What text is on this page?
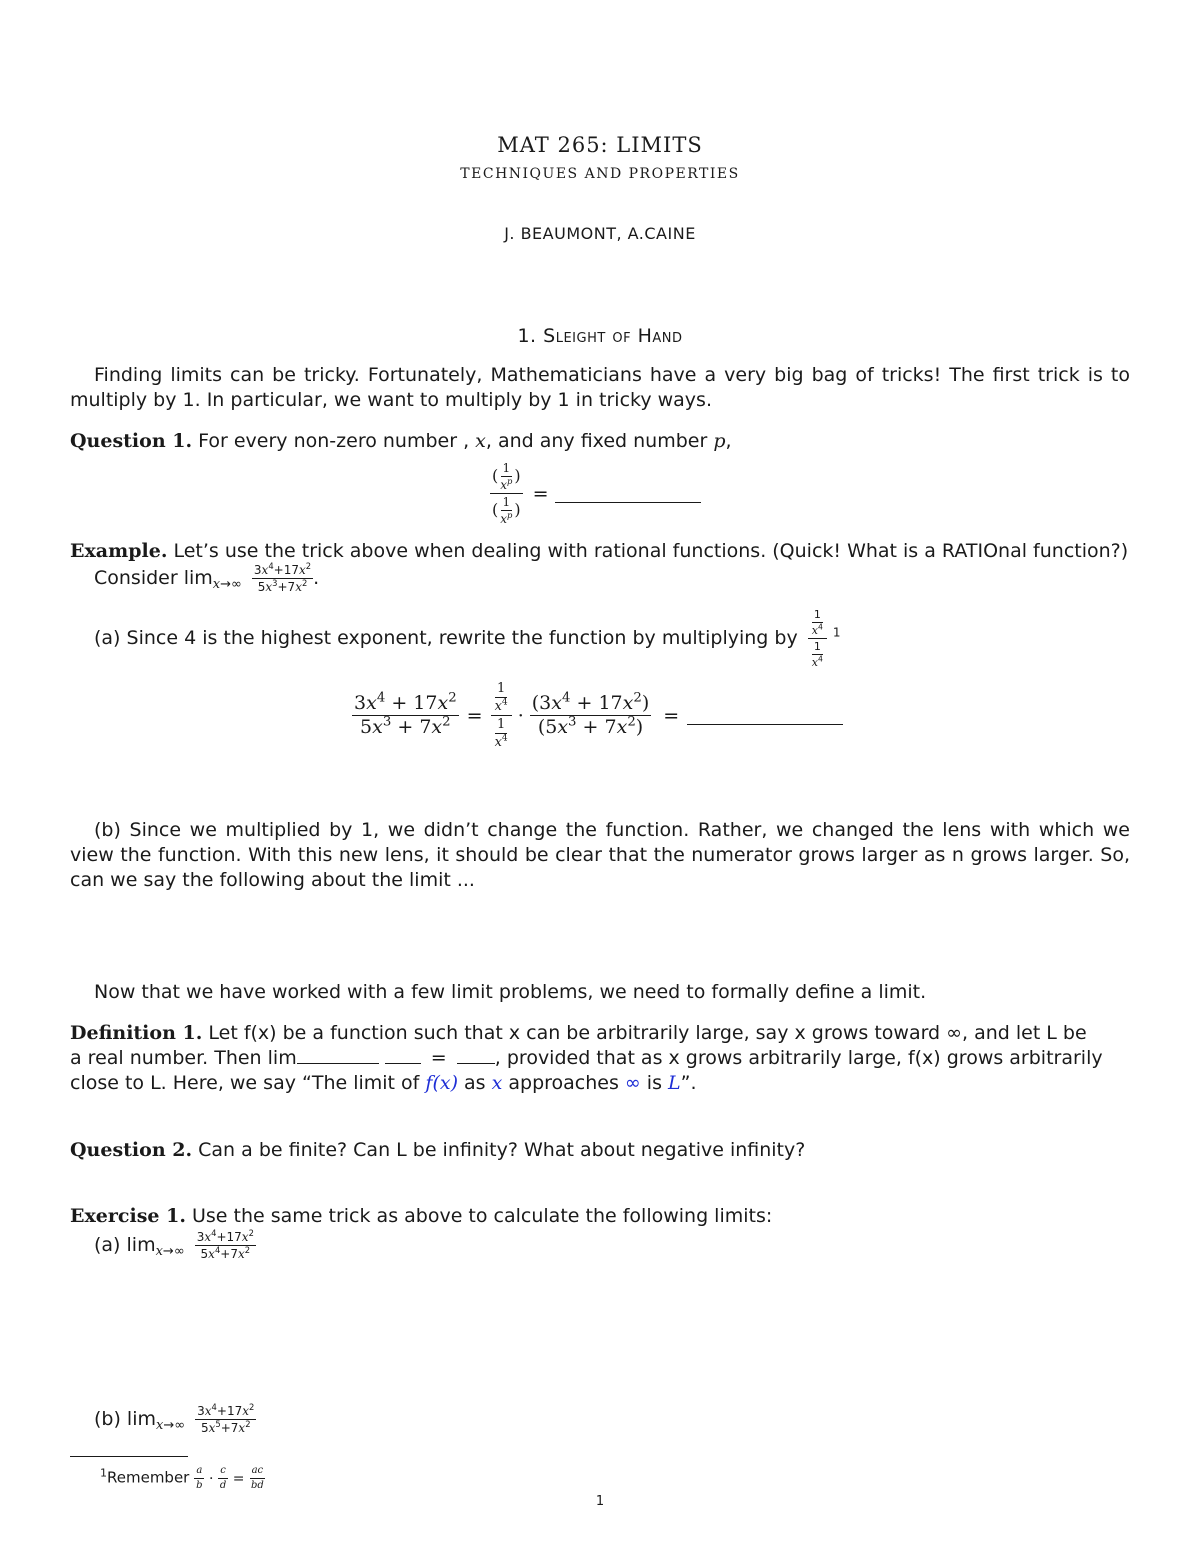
MAT 265: LIMITS
TECHNIQUES AND PROPERTIES
J. BEAUMONT, A.CAINE
1. Sleight of Hand
Finding limits can be tricky. Fortunately, Mathematicians have a very big bag of tricks! The first trick is to multiply by 1. In particular, we want to multiply by 1 in tricky ways.
Question 1. For every non-zero number , x, and any fixed number p,
$\frac{( \frac{1}{x^p} )}{( \frac{1}{x^p} )}$ =
Example. Let’s use the trick above when dealing with rational functions. (Quick! What is a RATIOnal function?)
Consider $\lim_{x\to\infty} \frac{3x^4+17x^2}{5x^3+7x^2}$ .
(a) Since 4 is the highest exponent, rewrite the function by multiplying by $\frac{\frac{1}{x^4}}{\frac{1}{x^4}} ^1$
$\frac{3x^4 + 17x^2}{5x^3 + 7x^2} = \frac{\frac{1}{x^4}}{\frac{1}{x^4}} \cdot \frac{(3x^4 + 17x^2)}{(5x^3 + 7x^2)}$ =
(b) Since we multiplied by 1, we didn’t change the function. Rather, we changed the lens with which we view the function. With this new lens, it should be clear that the numerator grows larger as n grows larger. So, can we say the following about the limit ...
Now that we have worked with a few limit problems, we need to formally define a limit.
Definition 1. Let f(x) be a function such that x can be arbitrarily large, say x grows toward ∞, and let L be
a real number. Then lim	=	, provided that as x grows arbitrarily large, f(x) grows arbitrarily
close to L. Here, we say “The limit of f(x) as x approaches ∞ is L”.
Question 2. Can a be finite? Can L be infinity? What about negative infinity?
Exercise 1. Use the same trick as above to calculate the following limits:
(a) $\lim_{x\to\infty} \frac{3x^4+17x^2}{5x^4+7x^2}$
(b) $\lim_{x\to\infty} \frac{3x^4+17x^2}{5x^5+7x^2}$
$^1$Remember $\frac{a}{b} \cdot \frac{c}{d} = \frac{ac}{bd}$
1
